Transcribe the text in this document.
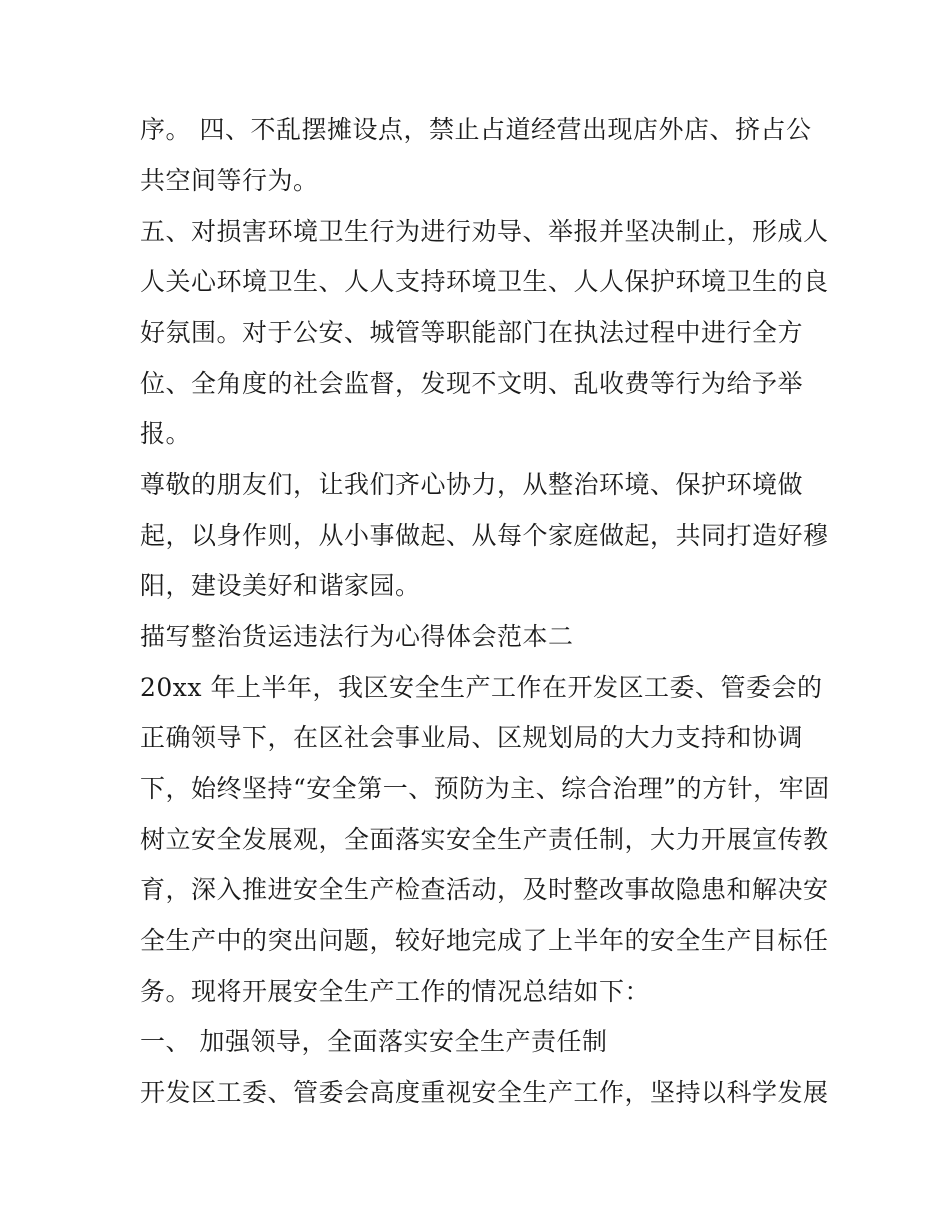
序。 四、不乱摆摊设点，禁止占道经营出现店外店、挤占公
共空间等行为。
五、对损害环境卫生行为进行劝导、举报并坚决制止，形成人
人关心环境卫生、人人支持环境卫生、人人保护环境卫生的良
好氛围。对于公安、城管等职能部门在执法过程中进行全方
位、全角度的社会监督，发现不文明、乱收费等行为给予举
报。
尊敬的朋友们，让我们齐心协力，从整治环境、保护环境做
起，以身作则，从小事做起、从每个家庭做起，共同打造好穆
阳，建设美好和谐家园。
描写整治货运违法行为心得体会范本二
20xx 年上半年，我区安全生产工作在开发区工委、管委会的
正确领导下，在区社会事业局、区规划局的大力支持和协调
下，始终坚持“安全第一、预防为主、综合治理”的方针，牢固
树立安全发展观，全面落实安全生产责任制，大力开展宣传教
育，深入推进安全生产检查活动，及时整改事故隐患和解决安
全生产中的突出问题，较好地完成了上半年的安全生产目标任
务。现将开展安全生产工作的情况总结如下：
一、 加强领导，全面落实安全生产责任制
开发区工委、管委会高度重视安全生产工作，坚持以科学发展
